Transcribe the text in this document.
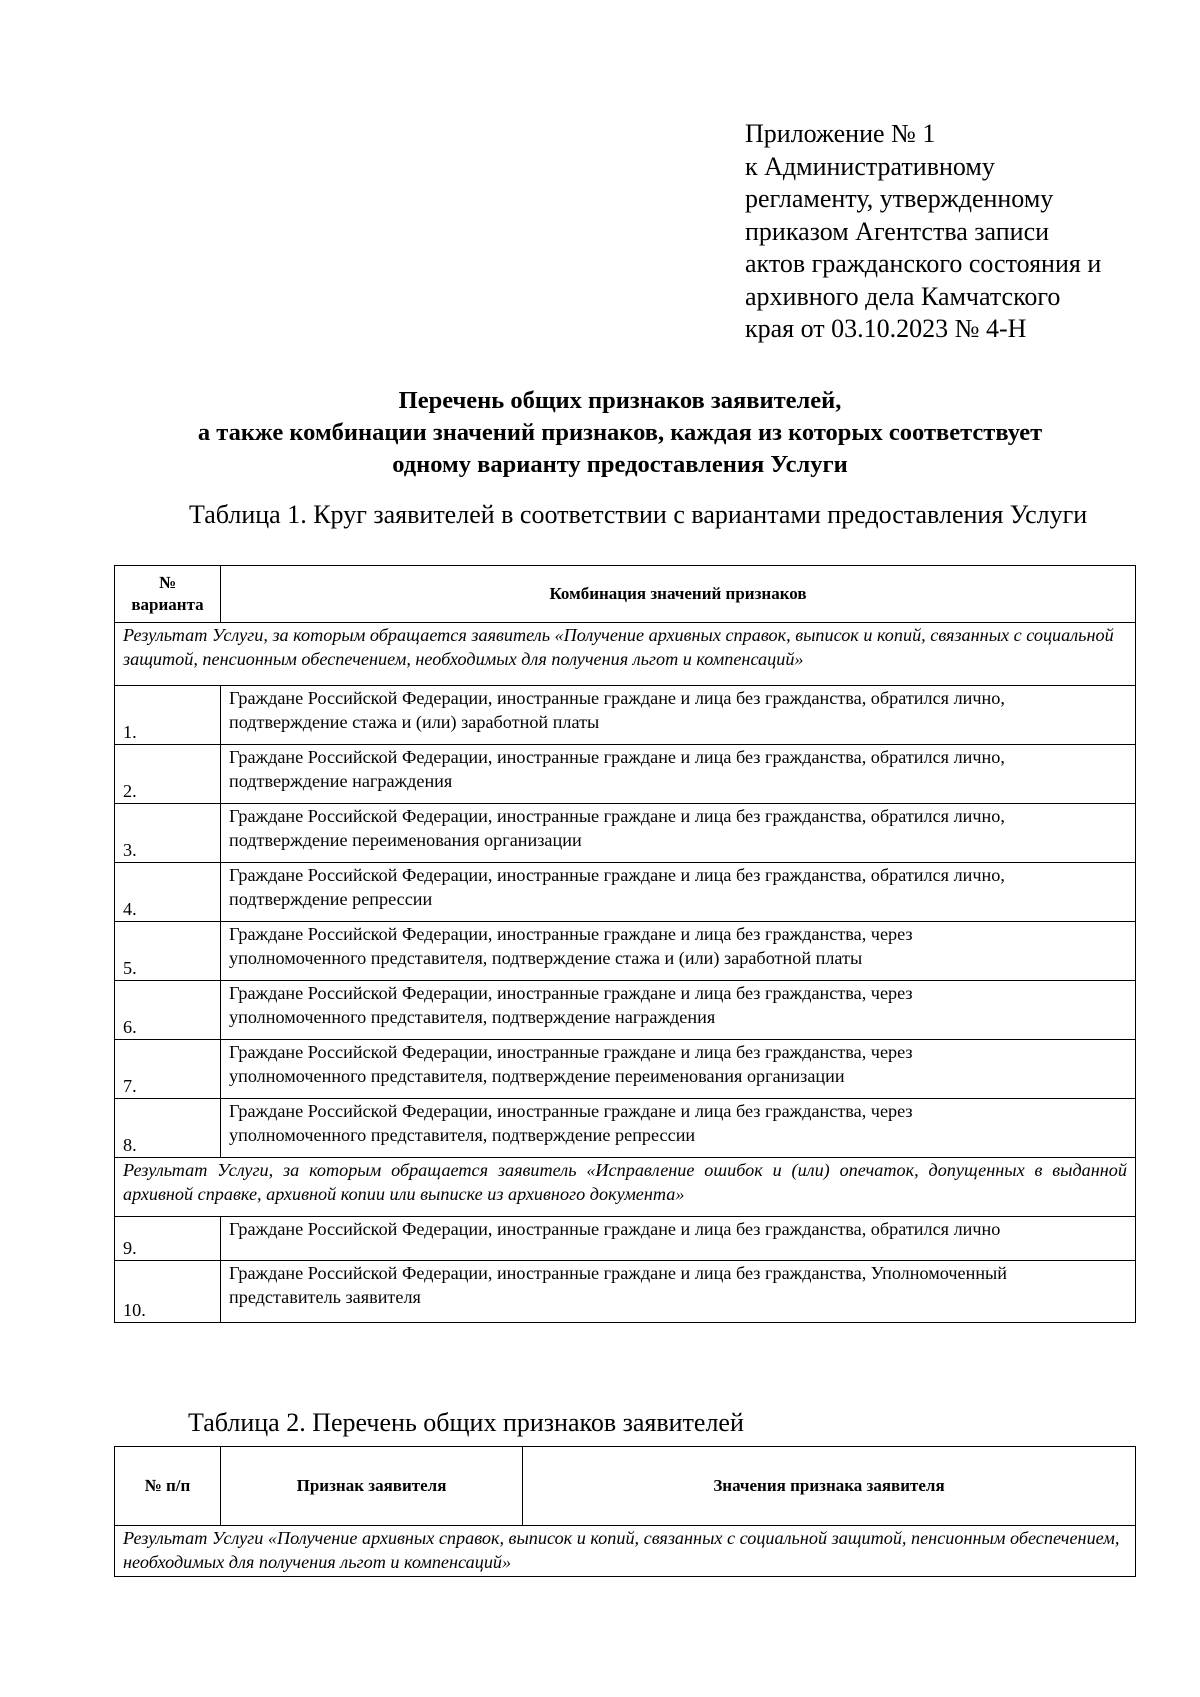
Приложение № 1
к Административному
регламенту, утвержденному
приказом Агентства записи
актов гражданского состояния и
архивного дела Камчатского
края от 03.10.2023 № 4-Н
Перечень общих признаков заявителей,
а также комбинации значений признаков, каждая из которых соответствует
одному варианту предоставления Услуги
Таблица 1. Круг заявителей в соответствии с вариантами предоставления Услуги
№
варианта	Комбинация значений признаков
Результат Услуги, за которым обращается заявитель «Получение архивных справок, выписок и копий, связанных с социальной защитой, пенсионным обеспечением, необходимых для получения льгот и компенсаций»	
1.	Граждане Российской Федерации, иностранные граждане и лица без гражданства, обратился лично,
подтверждение стажа и (или) заработной платы

2.	Граждане Российской Федерации, иностранные граждане и лица без гражданства, обратился лично,
подтверждение награждения

3.	Граждане Российской Федерации, иностранные граждане и лица без гражданства, обратился лично,
подтверждение переименования организации

4.	Граждане Российской Федерации, иностранные граждане и лица без гражданства, обратился лично,
подтверждение репрессии

5.	Граждане Российской Федерации, иностранные граждане и лица без гражданства, через
уполномоченного представителя, подтверждение стажа и (или) заработной платы

6.	Граждане Российской Федерации, иностранные граждане и лица без гражданства, через
уполномоченного представителя, подтверждение награждения

7.	Граждане Российской Федерации, иностранные граждане и лица без гражданства, через
уполномоченного представителя, подтверждение переименования организации

8.	Граждане Российской Федерации, иностранные граждане и лица без гражданства, через
уполномоченного представителя, подтверждение репрессии

Результат Услуги, за которым обращается заявитель «Исправление ошибок и (или) опечаток, допущенных в выданной архивной справке, архивной копии или выписке из архивного документа»	
9.	Граждане Российской Федерации, иностранные граждане и лица без гражданства, обратился лично

10.	Граждане Российской Федерации, иностранные граждане и лица без гражданства, Уполномоченный
представитель заявителя
Таблица 2. Перечень общих признаков заявителей
№ п/п	Признак заявителя	Значения признака заявителя
Результат Услуги «Получение архивных справок, выписок и копий, связанных с социальной защитой, пенсионным обеспечением, необходимых для получения льгот и компенсаций»
